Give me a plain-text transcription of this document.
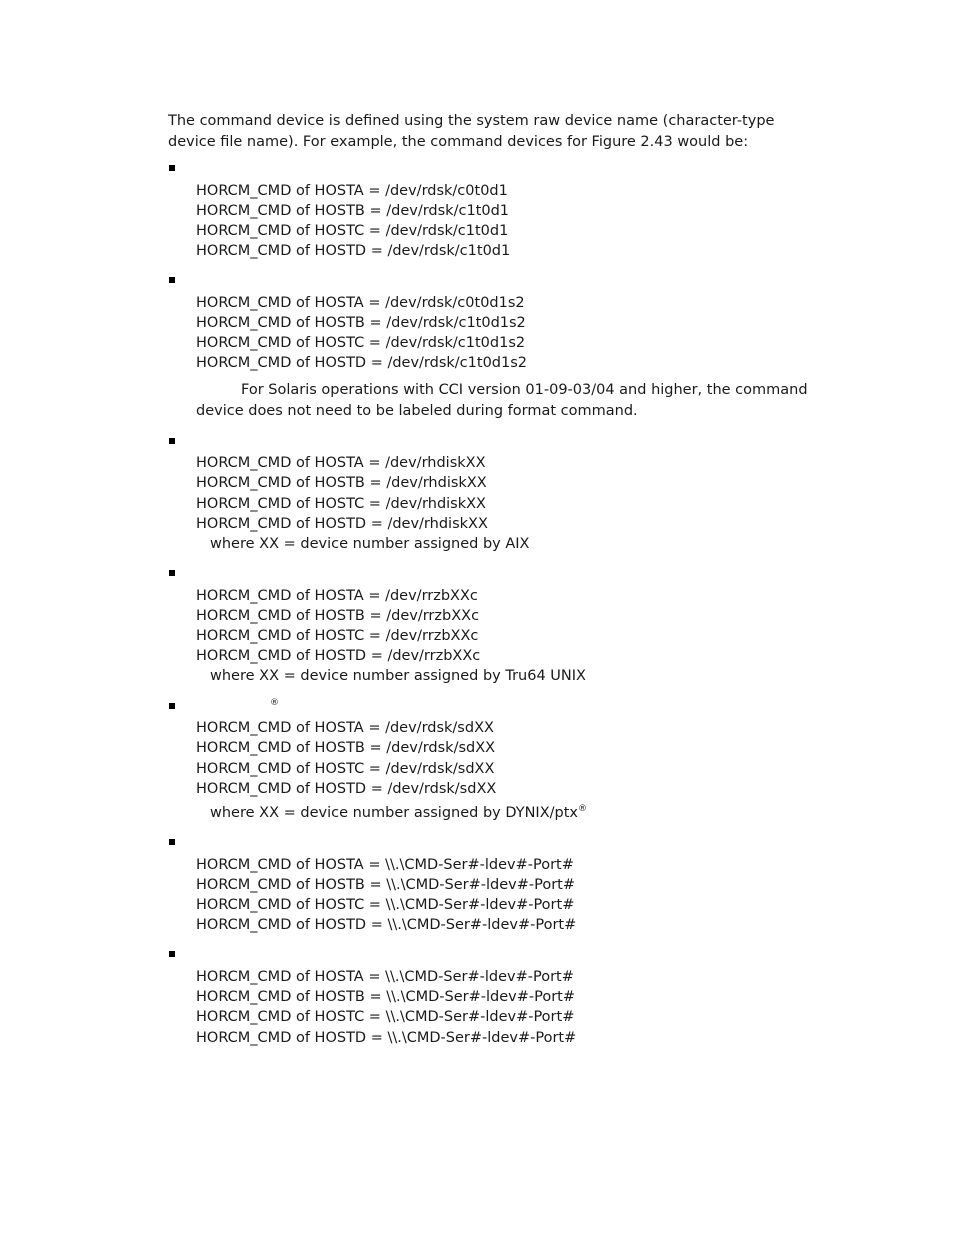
The command device is defined using the system raw device name (character-type device file name). For example, the command devices for Figure 2.43 would be:

HORCM_CMD of HOSTA = /dev/rdsk/c0t0d1
HORCM_CMD of HOSTB = /dev/rdsk/c1t0d1
HORCM_CMD of HOSTC = /dev/rdsk/c1t0d1
HORCM_CMD of HOSTD = /dev/rdsk/c1t0d1
HORCM_CMD of HOSTA = /dev/rdsk/c0t0d1s2
HORCM_CMD of HOSTB = /dev/rdsk/c1t0d1s2
HORCM_CMD of HOSTC = /dev/rdsk/c1t0d1s2
HORCM_CMD of HOSTD = /dev/rdsk/c1t0d1s2
For Solaris operations with CCI version 01-09-03/04 and higher, the command
device does not need to be labeled during format command.
HORCM_CMD of HOSTA = /dev/rhdiskXX
HORCM_CMD of HOSTB = /dev/rhdiskXX
HORCM_CMD of HOSTC = /dev/rhdiskXX
HORCM_CMD of HOSTD = /dev/rhdiskXX
where XX = device number assigned by AIX
HORCM_CMD of HOSTA = /dev/rrzbXXc
HORCM_CMD of HOSTB = /dev/rrzbXXc
HORCM_CMD of HOSTC = /dev/rrzbXXc
HORCM_CMD of HOSTD = /dev/rrzbXXc
where XX = device number assigned by Tru64 UNIX
®
HORCM_CMD of HOSTA = /dev/rdsk/sdXX
HORCM_CMD of HOSTB = /dev/rdsk/sdXX
HORCM_CMD of HOSTC = /dev/rdsk/sdXX
HORCM_CMD of HOSTD = /dev/rdsk/sdXX
where XX = device number assigned by DYNIX/ptx®
HORCM_CMD of HOSTA = \\.\CMD-Ser#-ldev#-Port#
HORCM_CMD of HOSTB = \\.\CMD-Ser#-ldev#-Port#
HORCM_CMD of HOSTC = \\.\CMD-Ser#-ldev#-Port#
HORCM_CMD of HOSTD = \\.\CMD-Ser#-ldev#-Port#
HORCM_CMD of HOSTA = \\.\CMD-Ser#-ldev#-Port#
HORCM_CMD of HOSTB = \\.\CMD-Ser#-ldev#-Port#
HORCM_CMD of HOSTC = \\.\CMD-Ser#-ldev#-Port#
HORCM_CMD of HOSTD = \\.\CMD-Ser#-ldev#-Port#
